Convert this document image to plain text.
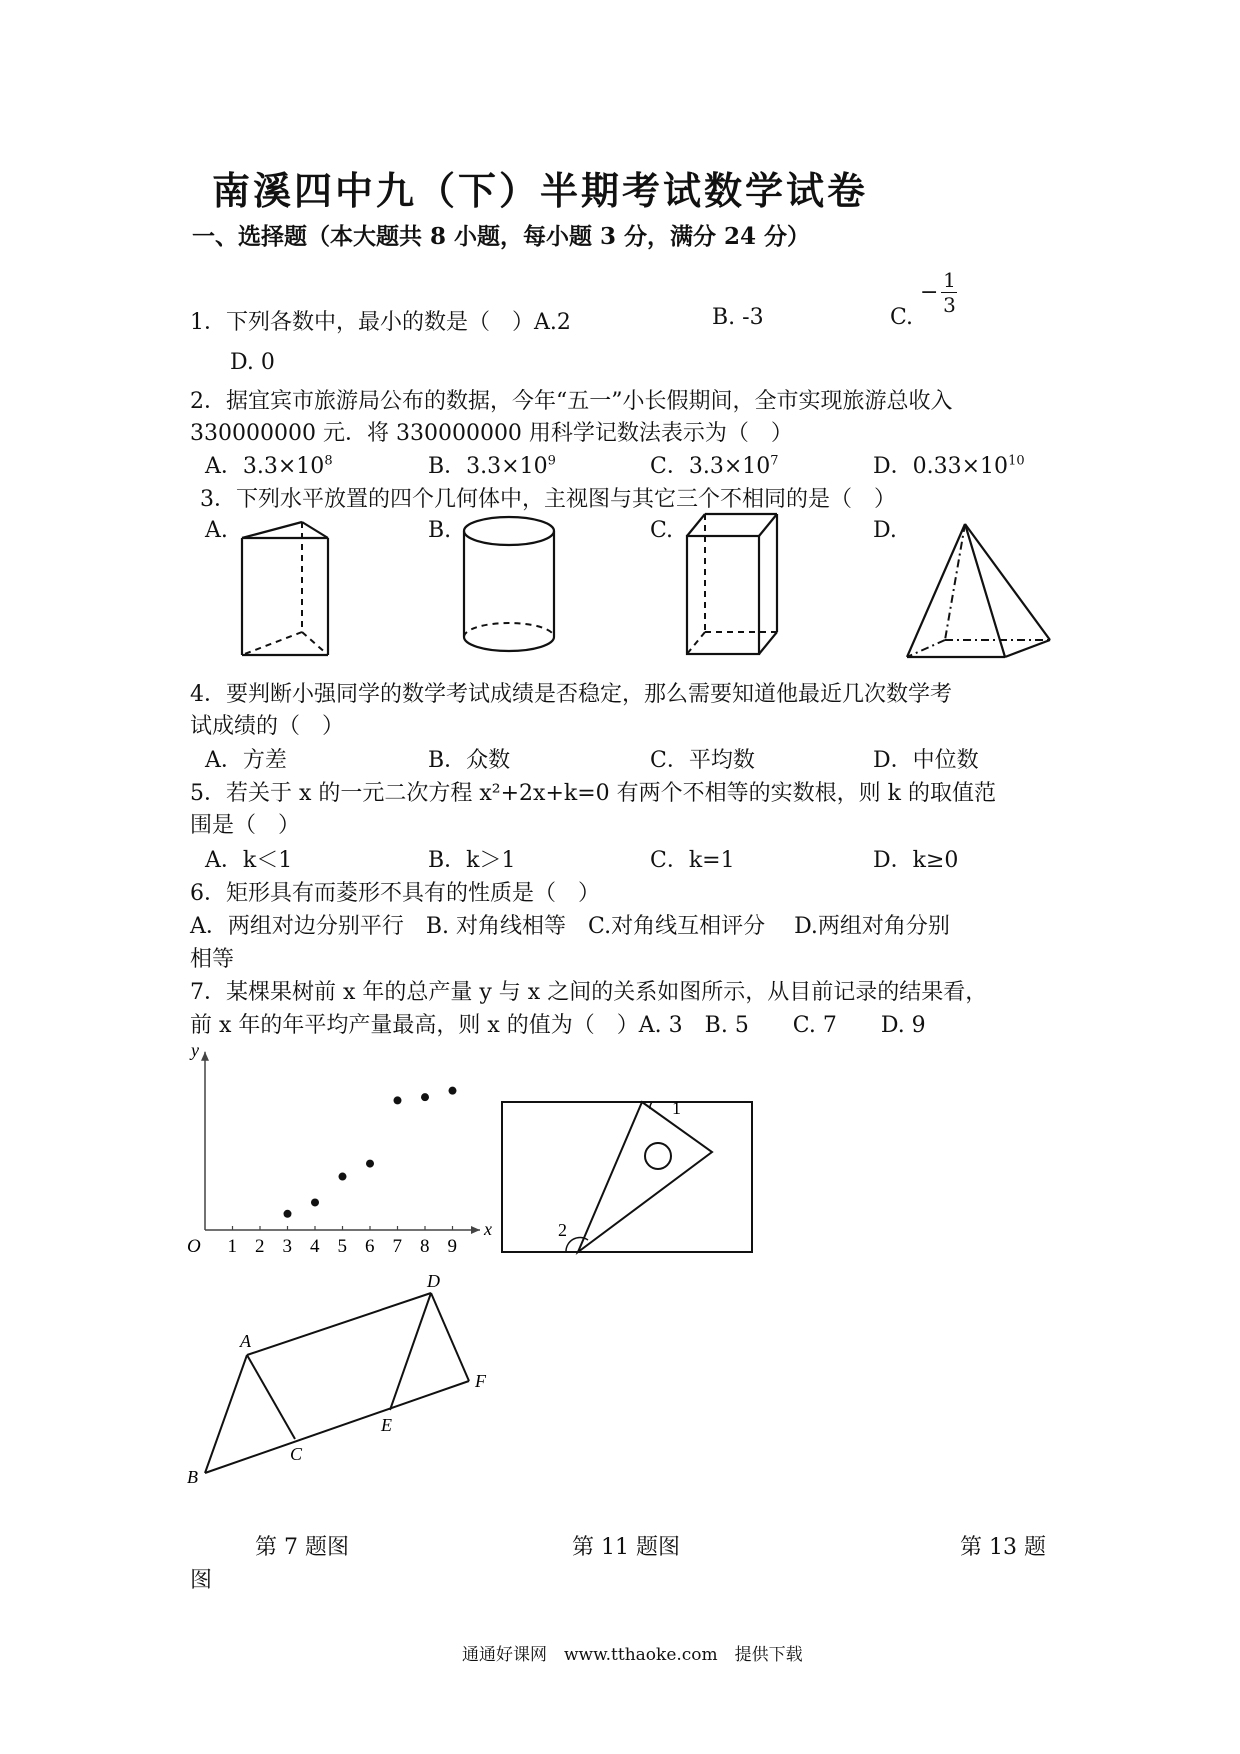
南溪四中九（下）半期考试数学试卷
一、选择题（本大题共 8 小题，每小题 3 分，满分 24 分）
1．下列各数中，最小的数是（　）A.2	B. -3	C.
− $\frac{1}{3}$
D. 0
2．据宜宾市旅游局公布的数据，今年“五一”小长假期间，全市实现旅游总收入
330000000 元．将 330000000 用科学记数法表示为（　）
A．$3.3\times 10^8$	B．$3.3\times 10^9$	C．$3.3\times 10^7$	D．$0.33\times 10^{10}$
3．下列水平放置的四个几何体中，主视图与其它三个不相同的是（　）
A.	B.	C.	D.
4．要判断小强同学的数学考试成绩是否稳定，那么需要知道他最近几次数学考
试成绩的（　）
A．方差	B．众数	C．平均数	D．中位数
5．若关于 x 的一元二次方程 x²+2x+k=0 有两个不相等的实数根，则 k 的取值范
围是（　）
A．k＜1	B．k＞1	C．k=1	D．k≥0
6．矩形具有而菱形不具有的性质是（　）
A．两组对边分别平行　B. 对角线相等　C.对角线互相评分　 D.两组对角分别
相等
7．某棵果树前 x 年的总产量 y 与 x 之间的关系如图所示，从目前记录的结果看，
前 x 年的年平均产量最高，则 x 的值为（　）A. 3　B. 5　　C. 7　　D. 9
O
x
y
1 2 3 4 5 6 7 8 9
1
2
A
B
C
D
E
F
第 7 题图	第 11 题图	第 13 题
图
通通好课网　www.tthaoke.com　提供下载
